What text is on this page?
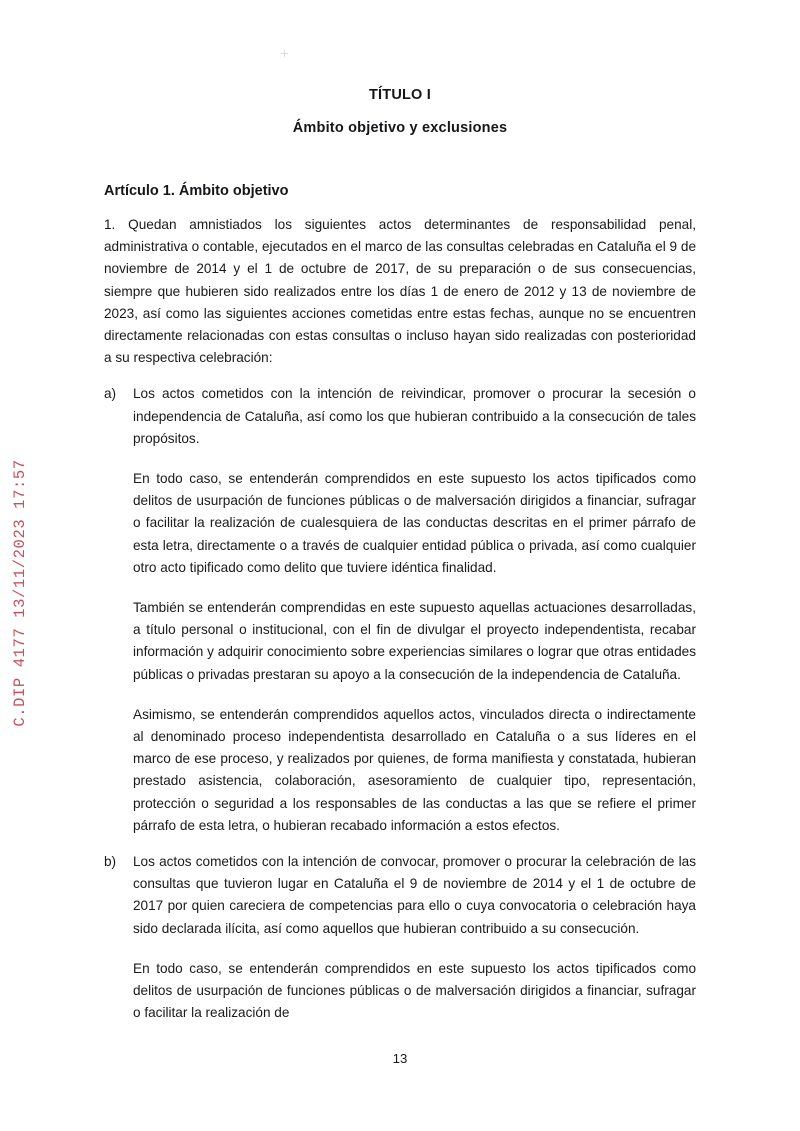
C.DIP 4177 13/11/2023 17:57
TÍTULO I
Ámbito objetivo y exclusiones
Artículo 1. Ámbito objetivo

1. Quedan amnistiados los siguientes actos determinantes de responsabilidad penal, administrativa o contable, ejecutados en el marco de las consultas celebradas en Cataluña el 9 de noviembre de 2014 y el 1 de octubre de 2017, de su preparación o de sus consecuencias, siempre que hubieren sido realizados entre los días 1 de enero de 2012 y 13 de noviembre de 2023, así como las siguientes acciones cometidas entre estas fechas, aunque no se encuentren directamente relacionadas con estas consultas o incluso hayan sido realizadas con posterioridad a su respectiva celebración:

a) Los actos cometidos con la intención de reivindicar, promover o procurar la secesión o independencia de Cataluña, así como los que hubieran contribuido a la consecución de tales propósitos.

En todo caso, se entenderán comprendidos en este supuesto los actos tipificados como delitos de usurpación de funciones públicas o de malversación dirigidos a financiar, sufragar o facilitar la realización de cualesquiera de las conductas descritas en el primer párrafo de esta letra, directamente o a través de cualquier entidad pública o privada, así como cualquier otro acto tipificado como delito que tuviere idéntica finalidad.

También se entenderán comprendidas en este supuesto aquellas actuaciones desarrolladas, a título personal o institucional, con el fin de divulgar el proyecto independentista, recabar información y adquirir conocimiento sobre experiencias similares o lograr que otras entidades públicas o privadas prestaran su apoyo a la consecución de la independencia de Cataluña.

Asimismo, se entenderán comprendidos aquellos actos, vinculados directa o indirectamente al denominado proceso independentista desarrollado en Cataluña o a sus líderes en el marco de ese proceso, y realizados por quienes, de forma manifiesta y constatada, hubieran prestado asistencia, colaboración, asesoramiento de cualquier tipo, representación, protección o seguridad a los responsables de las conductas a las que se refiere el primer párrafo de esta letra, o hubieran recabado información a estos efectos.

b) Los actos cometidos con la intención de convocar, promover o procurar la celebración de las consultas que tuvieron lugar en Cataluña el 9 de noviembre de 2014 y el 1 de octubre de 2017 por quien careciera de competencias para ello o cuya convocatoria o celebración haya sido declarada ilícita, así como aquellos que hubieran contribuido a su consecución.

En todo caso, se entenderán comprendidos en este supuesto los actos tipificados como delitos de usurpación de funciones públicas o de malversación dirigidos a financiar, sufragar o facilitar la realización de

13
